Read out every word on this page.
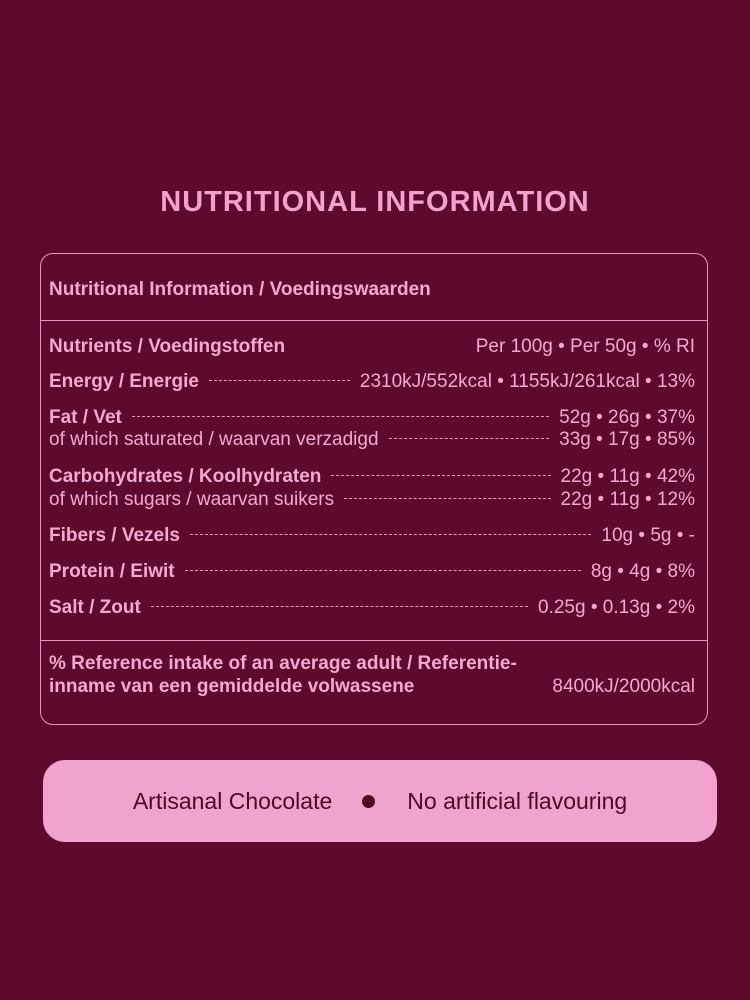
NUTRITIONAL INFORMATION
Nutritional Information / Voedingswaarden
Nutrients / Voedingstoffen	Per 100g • Per 50g • % RI
Energy / Energie	2310kJ/552kcal • 1155kJ/261kcal • 13%
Fat / Vet	52g • 26g • 37%
of which saturated / waarvan verzadigd	33g • 17g • 85%
Carbohydrates / Koolhydraten	22g • 11g • 42%
of which sugars / waarvan suikers	22g • 11g • 12%
Fibers / Vezels	10g • 5g • -
Protein / Eiwit	8g • 4g • 8%
Salt / Zout	0.25g • 0.13g • 2%
% Reference intake of an average adult / Referentie-inname van een gemiddelde volwassene	8400kJ/2000kcal
Artisanal Chocolate	No artificial flavouring
